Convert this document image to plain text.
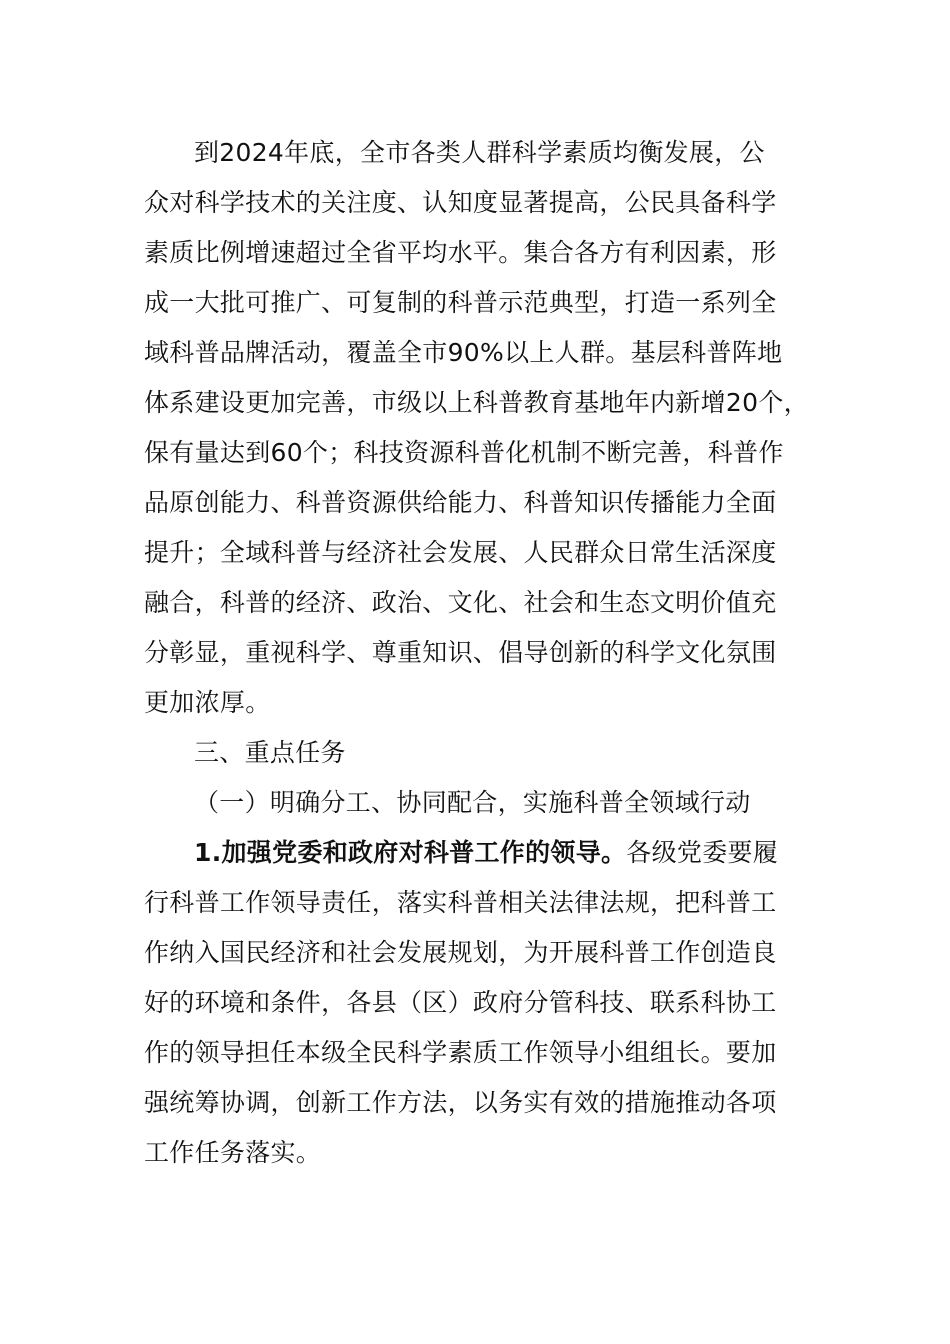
到2024年底，全市各类人群科学素质均衡发展，公
众对科学技术的关注度、认知度显著提高，公民具备科学
素质比例增速超过全省平均水平。集合各方有利因素，形
成一大批可推广、可复制的科普示范典型，打造一系列全
域科普品牌活动，覆盖全市90%以上人群。基层科普阵地
体系建设更加完善，市级以上科普教育基地年内新增20个，
保有量达到60个；科技资源科普化机制不断完善，科普作
品原创能力、科普资源供给能力、科普知识传播能力全面
提升；全域科普与经济社会发展、人民群众日常生活深度
融合，科普的经济、政治、文化、社会和生态文明价值充
分彰显，重视科学、尊重知识、倡导创新的科学文化氛围
更加浓厚。
三、重点任务
（一）明确分工、协同配合，实施科普全领域行动
1.加强党委和政府对科普工作的领导。各级党委要履
行科普工作领导责任，落实科普相关法律法规，把科普工
作纳入国民经济和社会发展规划，为开展科普工作创造良
好的环境和条件，各县（区）政府分管科技、联系科协工
作的领导担任本级全民科学素质工作领导小组组长。要加
强统筹协调，创新工作方法，以务实有效的措施推动各项
工作任务落实。
